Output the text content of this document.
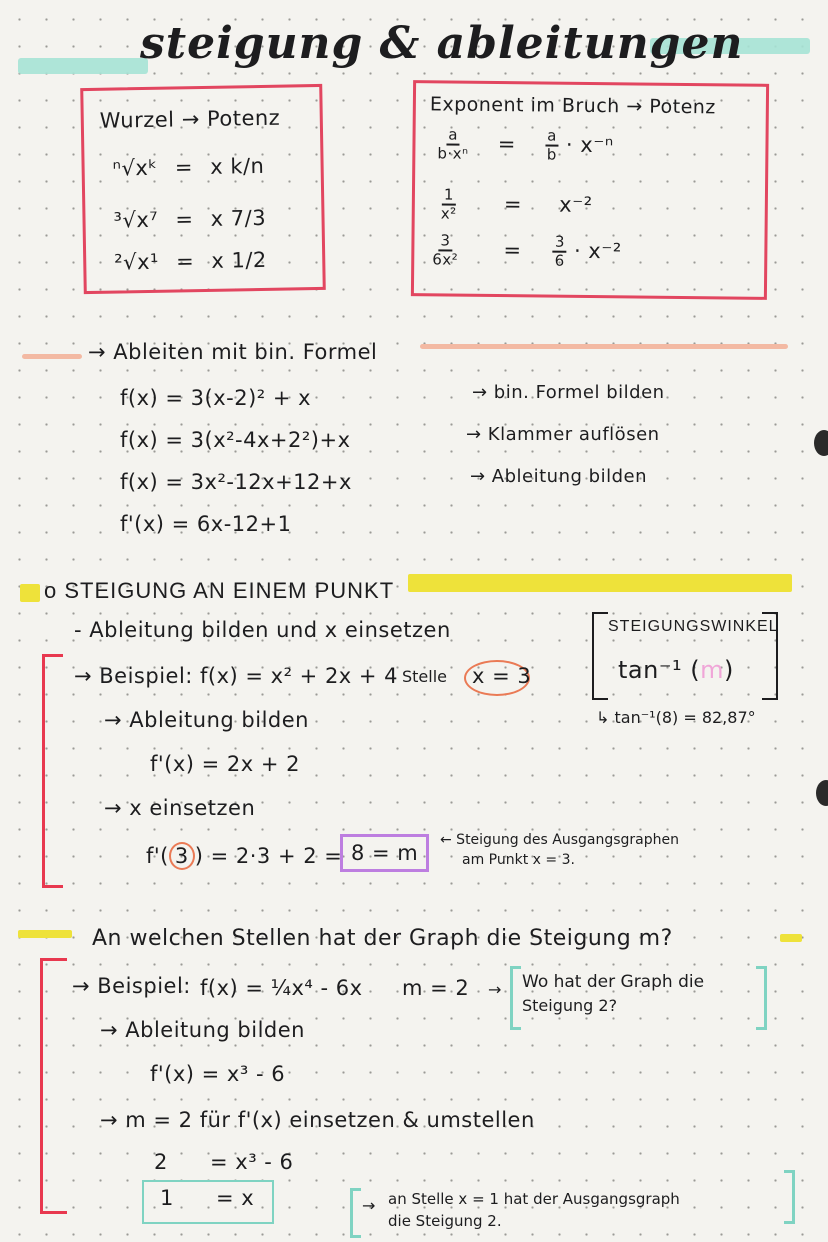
steigung & ableitungen
Wurzel → Potenz
ⁿ√xᵏ = x k/n
³√x⁷ = x 7/3
²√x¹ = x 1/2
Exponent im Bruch → Potenz
$\frac{a}{\text{b·xⁿ}} = \frac{a}{b} \cdot x^{-n}$
$\frac{1}{\text{x²}} = x^{-2}$
$\frac{3}{\text{6x²}} = \frac{3}{6} \cdot x^{-2}$
→ Ableiten mit bin. Formel
f(x) = 3(x-2)² + x	→ bin. Formel bilden
f(x) = 3(x²-4x+2²)+x	→ Klammer auflösen
f(x) = 3x²-12x+12+x	→ Ableitung bilden
f'(x) = 6x-12+1
o STEIGUNG AN EINEM PUNKT
- Ableitung bilden und x einsetzen
→ Beispiel: f(x) = x² + 2x + 4 Stelle x = 3
→ Ableitung bilden
f'(x) = 2x + 2
→ x einsetzen
f'( 3 ) = 2·3 + 2 = 8 = m
← Steigung des Ausgangsgraphen
am Punkt x = 3.
STEIGUNGSWINKEL
tan⁻¹ (m)
↳ tan⁻¹(8) = 82,87°
An welchen Stellen hat der Graph die Steigung m?
→ Beispiel: f(x) = ¼x⁴ - 6x m = 2 → Wo hat der Graph die
Steigung 2?
→ Ableitung bilden
f'(x) = x³ - 6
→ m = 2 für f'(x) einsetzen & umstellen
2 = x³ - 6
1 = x	→ an Stelle x = 1 hat der Ausgangsgraph
die Steigung 2.
